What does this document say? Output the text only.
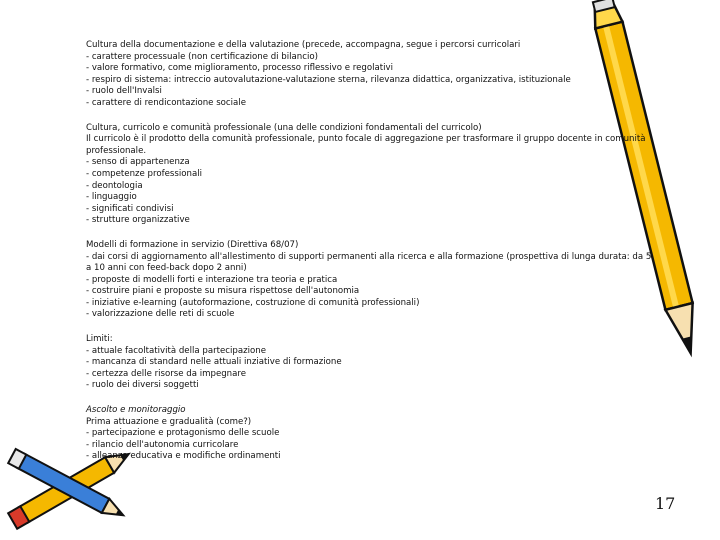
Cultura della documentazione e della valutazione (precede, accompagna, segue i percorsi curricolari
- carattere processuale (non certificazione di bilancio)
- valore formativo, come miglioramento, processo riflessivo e regolativi
- respiro di sistema: intreccio autovalutazione-valutazione sterna, rilevanza didattica, organizzativa, istituzionale
- ruolo dell'Invalsi
- carattere di rendicontazione sociale
Cultura, curricolo e comunità professionale (una delle condizioni fondamentali del curricolo)
Il curricolo è il prodotto della comunità professionale, punto focale di aggregazione per trasformare il gruppo docente in comunità professionale.
- senso di appartenenza
- competenze professionali
- deontologia
- linguaggio
- significati condivisi
- strutture organizzative
Modelli di formazione in servizio (Direttiva 68/07)
- dai corsi di aggiornamento all'allestimento di supporti permanenti alla ricerca e alla formazione (prospettiva di lunga durata: da 5 a 10 anni con feed-back dopo 2 anni)
- proposte di modelli forti e interazione tra teoria e pratica
- costruire piani e proposte su misura rispettose dell'autonomia
- iniziative e-learning (autoformazione, costruzione di comunità professionali)
- valorizzazione delle reti di scuole
Limiti:
- attuale facoltatività della partecipazione
- mancanza di standard nelle attuali inziative di formazione
- certezza delle risorse da impegnare
- ruolo dei diversi soggetti
Ascolto e monitoraggio
Prima attuazione e gradualità (come?)
- partecipazione e protagonismo delle scuole
- rilancio dell'autonomia curricolare
- alleanza educativa e modifiche ordinamenti
17
